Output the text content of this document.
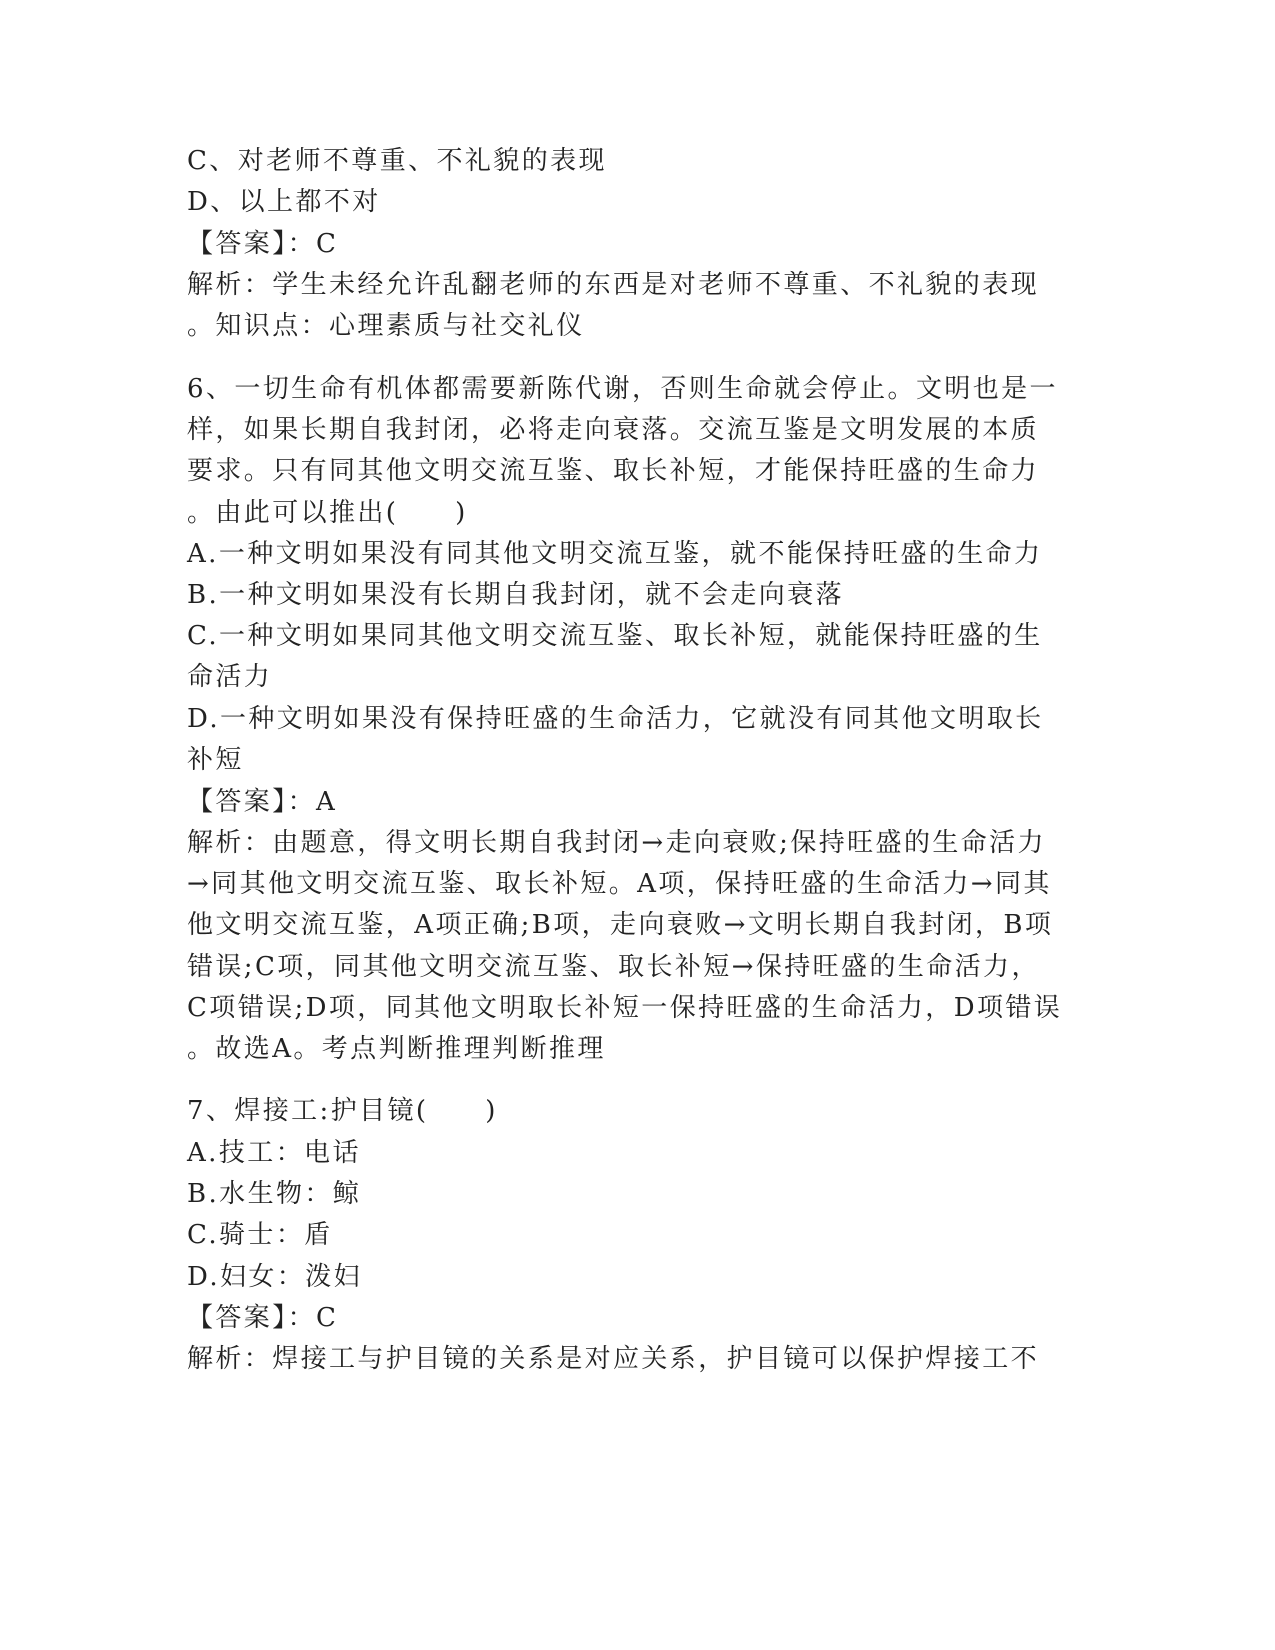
C、对老师不尊重、不礼貌的表现
D、以上都不对
【答案】：C
解析：学生未经允许乱翻老师的东西是对老师不尊重、不礼貌的表现
。知识点：心理素质与社交礼仪
6、一切生命有机体都需要新陈代谢，否则生命就会停止。文明也是一
样，如果长期自我封闭，必将走向衰落。交流互鉴是文明发展的本质
要求。只有同其他文明交流互鉴、取长补短，才能保持旺盛的生命力
。由此可以推出(　　)
A.一种文明如果没有同其他文明交流互鉴，就不能保持旺盛的生命力
B.一种文明如果没有长期自我封闭，就不会走向衰落
C.一种文明如果同其他文明交流互鉴、取长补短，就能保持旺盛的生
命活力
D.一种文明如果没有保持旺盛的生命活力，它就没有同其他文明取长
补短
【答案】：A
解析：由题意，得文明长期自我封闭→走向衰败;保持旺盛的生命活力
→同其他文明交流互鉴、取长补短。A项，保持旺盛的生命活力→同其
他文明交流互鉴，A项正确;B项，走向衰败→文明长期自我封闭，B项
错误;C项，同其他文明交流互鉴、取长补短→保持旺盛的生命活力，
C项错误;D项，同其他文明取长补短一保持旺盛的生命活力，D项错误
。故选A。考点判断推理判断推理
7、焊接工:护目镜(　　)
A.技工：电话
B.水生物：鲸
C.骑士：盾
D.妇女：泼妇
【答案】：C
解析：焊接工与护目镜的关系是对应关系，护目镜可以保护焊接工不
